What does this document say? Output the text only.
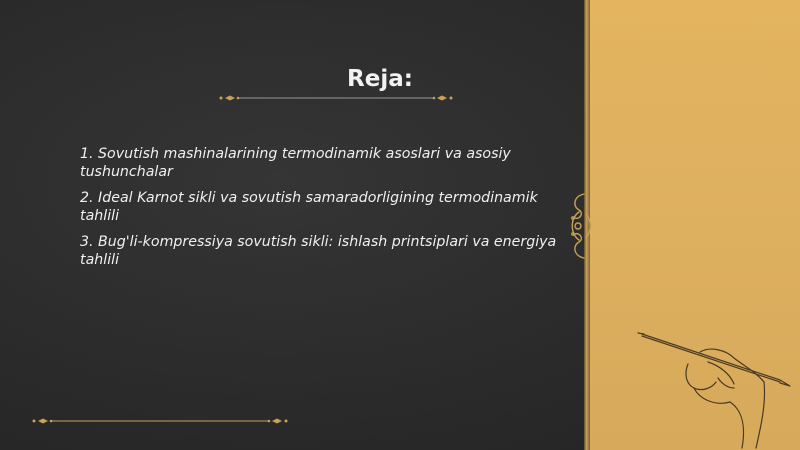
Reja:
1. Sovutish mashinalarining termodinamik asoslari va asosiy tushunchalar
2. Ideal Karnot sikli va sovutish samaradorligining termodinamik tahlili
3. Bug'li-kompressiya sovutish sikli: ishlash printsiplari va energiya tahlili
